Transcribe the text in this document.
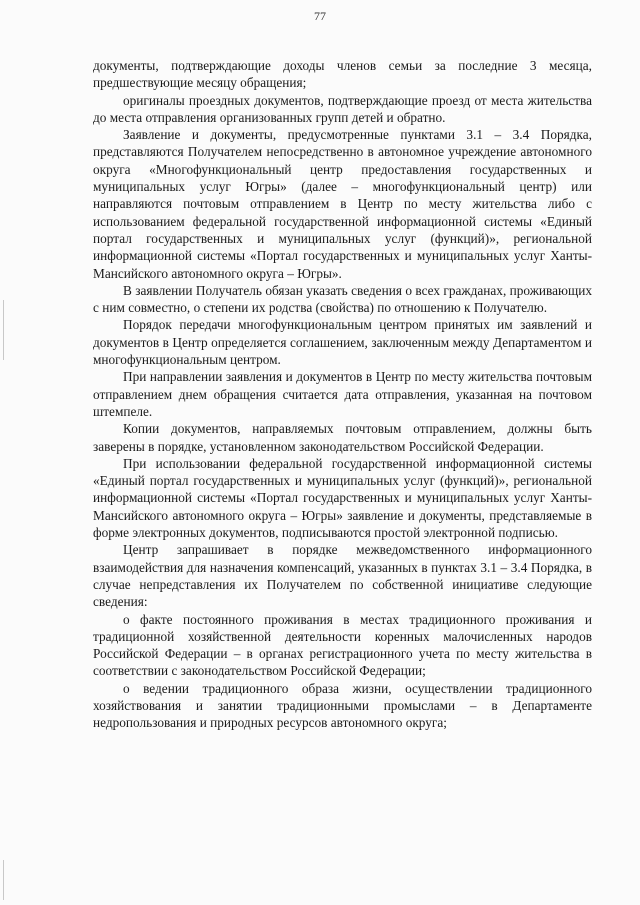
77

документы, подтверждающие доходы членов семьи за последние 3 месяца, предшествующие месяцу обращения;

оригиналы проездных документов, подтверждающие проезд от места жительства до места отправления организованных групп детей и обратно.

Заявление и документы, предусмотренные пунктами 3.1 – 3.4 Порядка, представляются Получателем непосредственно в автономное учреждение автономного округа «Многофункциональный центр предоставления государственных и муниципальных услуг Югры» (далее – многофункциональный центр) или направляются почтовым отправлением в Центр по месту жительства либо с использованием федеральной государственной информационной системы «Единый портал государственных и муниципальных услуг (функций)», региональной информационной системы «Портал государственных и муниципальных услуг Ханты-Мансийского автономного округа – Югры».

В заявлении Получатель обязан указать сведения о всех гражданах, проживающих с ним совместно, о степени их родства (свойства) по отношению к Получателю.

Порядок передачи многофункциональным центром принятых им заявлений и документов в Центр определяется соглашением, заключенным между Департаментом и многофункциональным центром.

При направлении заявления и документов в Центр по месту жительства почтовым отправлением днем обращения считается дата отправления, указанная на почтовом штемпеле.

Копии документов, направляемых почтовым отправлением, должны быть заверены в порядке, установленном законодательством Российской Федерации.

При использовании федеральной государственной информационной системы «Единый портал государственных и муниципальных услуг (функций)», региональной информационной системы «Портал государственных и муниципальных услуг Ханты-Мансийского автономного округа – Югры» заявление и документы, представляемые в форме электронных документов, подписываются простой электронной подписью.

Центр запрашивает в порядке межведомственного информационного взаимодействия для назначения компенсаций, указанных в пунктах 3.1 – 3.4 Порядка, в случае непредставления их Получателем по собственной инициативе следующие сведения:

о факте постоянного проживания в местах традиционного проживания и традиционной хозяйственной деятельности коренных малочисленных народов Российской Федерации – в органах регистрационного учета по месту жительства в соответствии с законодательством Российской Федерации;

о ведении традиционного образа жизни, осуществлении традиционного хозяйствования и занятии традиционными промыслами – в Департаменте недропользования и природных ресурсов автономного округа;
